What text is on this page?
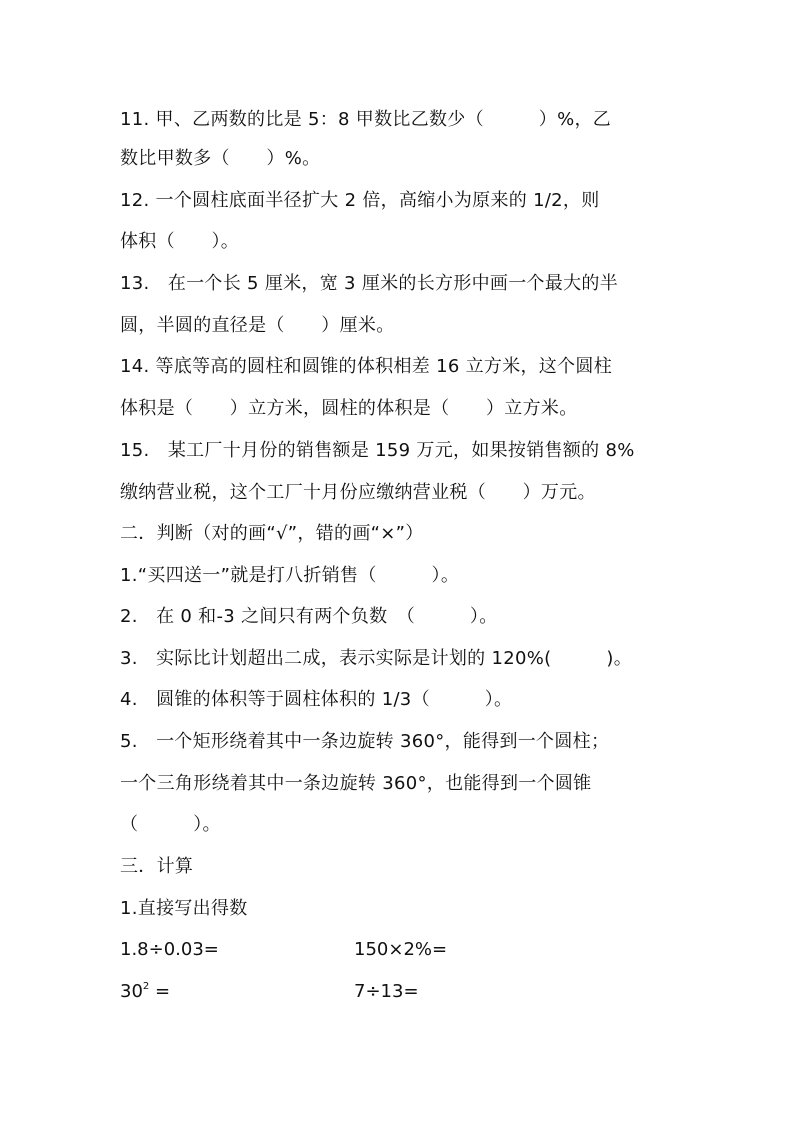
11. 甲、乙两数的比是 5：8 甲数比乙数少（　　　）%，乙
数比甲数多（　　）%。
12. 一个圆柱底面半径扩大 2 倍，高缩小为原来的 1/2，则
体积（　　）。
13.　在一个长 5 厘米，宽 3 厘米的长方形中画一个最大的半
圆，半圆的直径是（　　）厘米。
14. 等底等高的圆柱和圆锥的体积相差 16 立方米，这个圆柱
体积是（　　）立方米，圆柱的体积是（　　）立方米。
15.　某工厂十月份的销售额是 159 万元，如果按销售额的 8%
缴纳营业税，这个工厂十月份应缴纳营业税（　　）万元。
二．判断（对的画“√”，错的画“×”）
1.“买四送一”就是打八折销售（　　　）。
2.　在 0 和-3 之间只有两个负数　（　　　）。
3.　实际比计划超出二成，表示实际是计划的 120%(　　　)。
4.　圆锥的体积等于圆柱体积的 1/3（　　　）。
5.　一个矩形绕着其中一条边旋转 360°，能得到一个圆柱；
一个三角形绕着其中一条边旋转 360°，也能得到一个圆锥
（　　　）。
三．计算
1.直接写出得数
1.8÷0.03=	150×2%=
$30^2$ =	7÷13=
